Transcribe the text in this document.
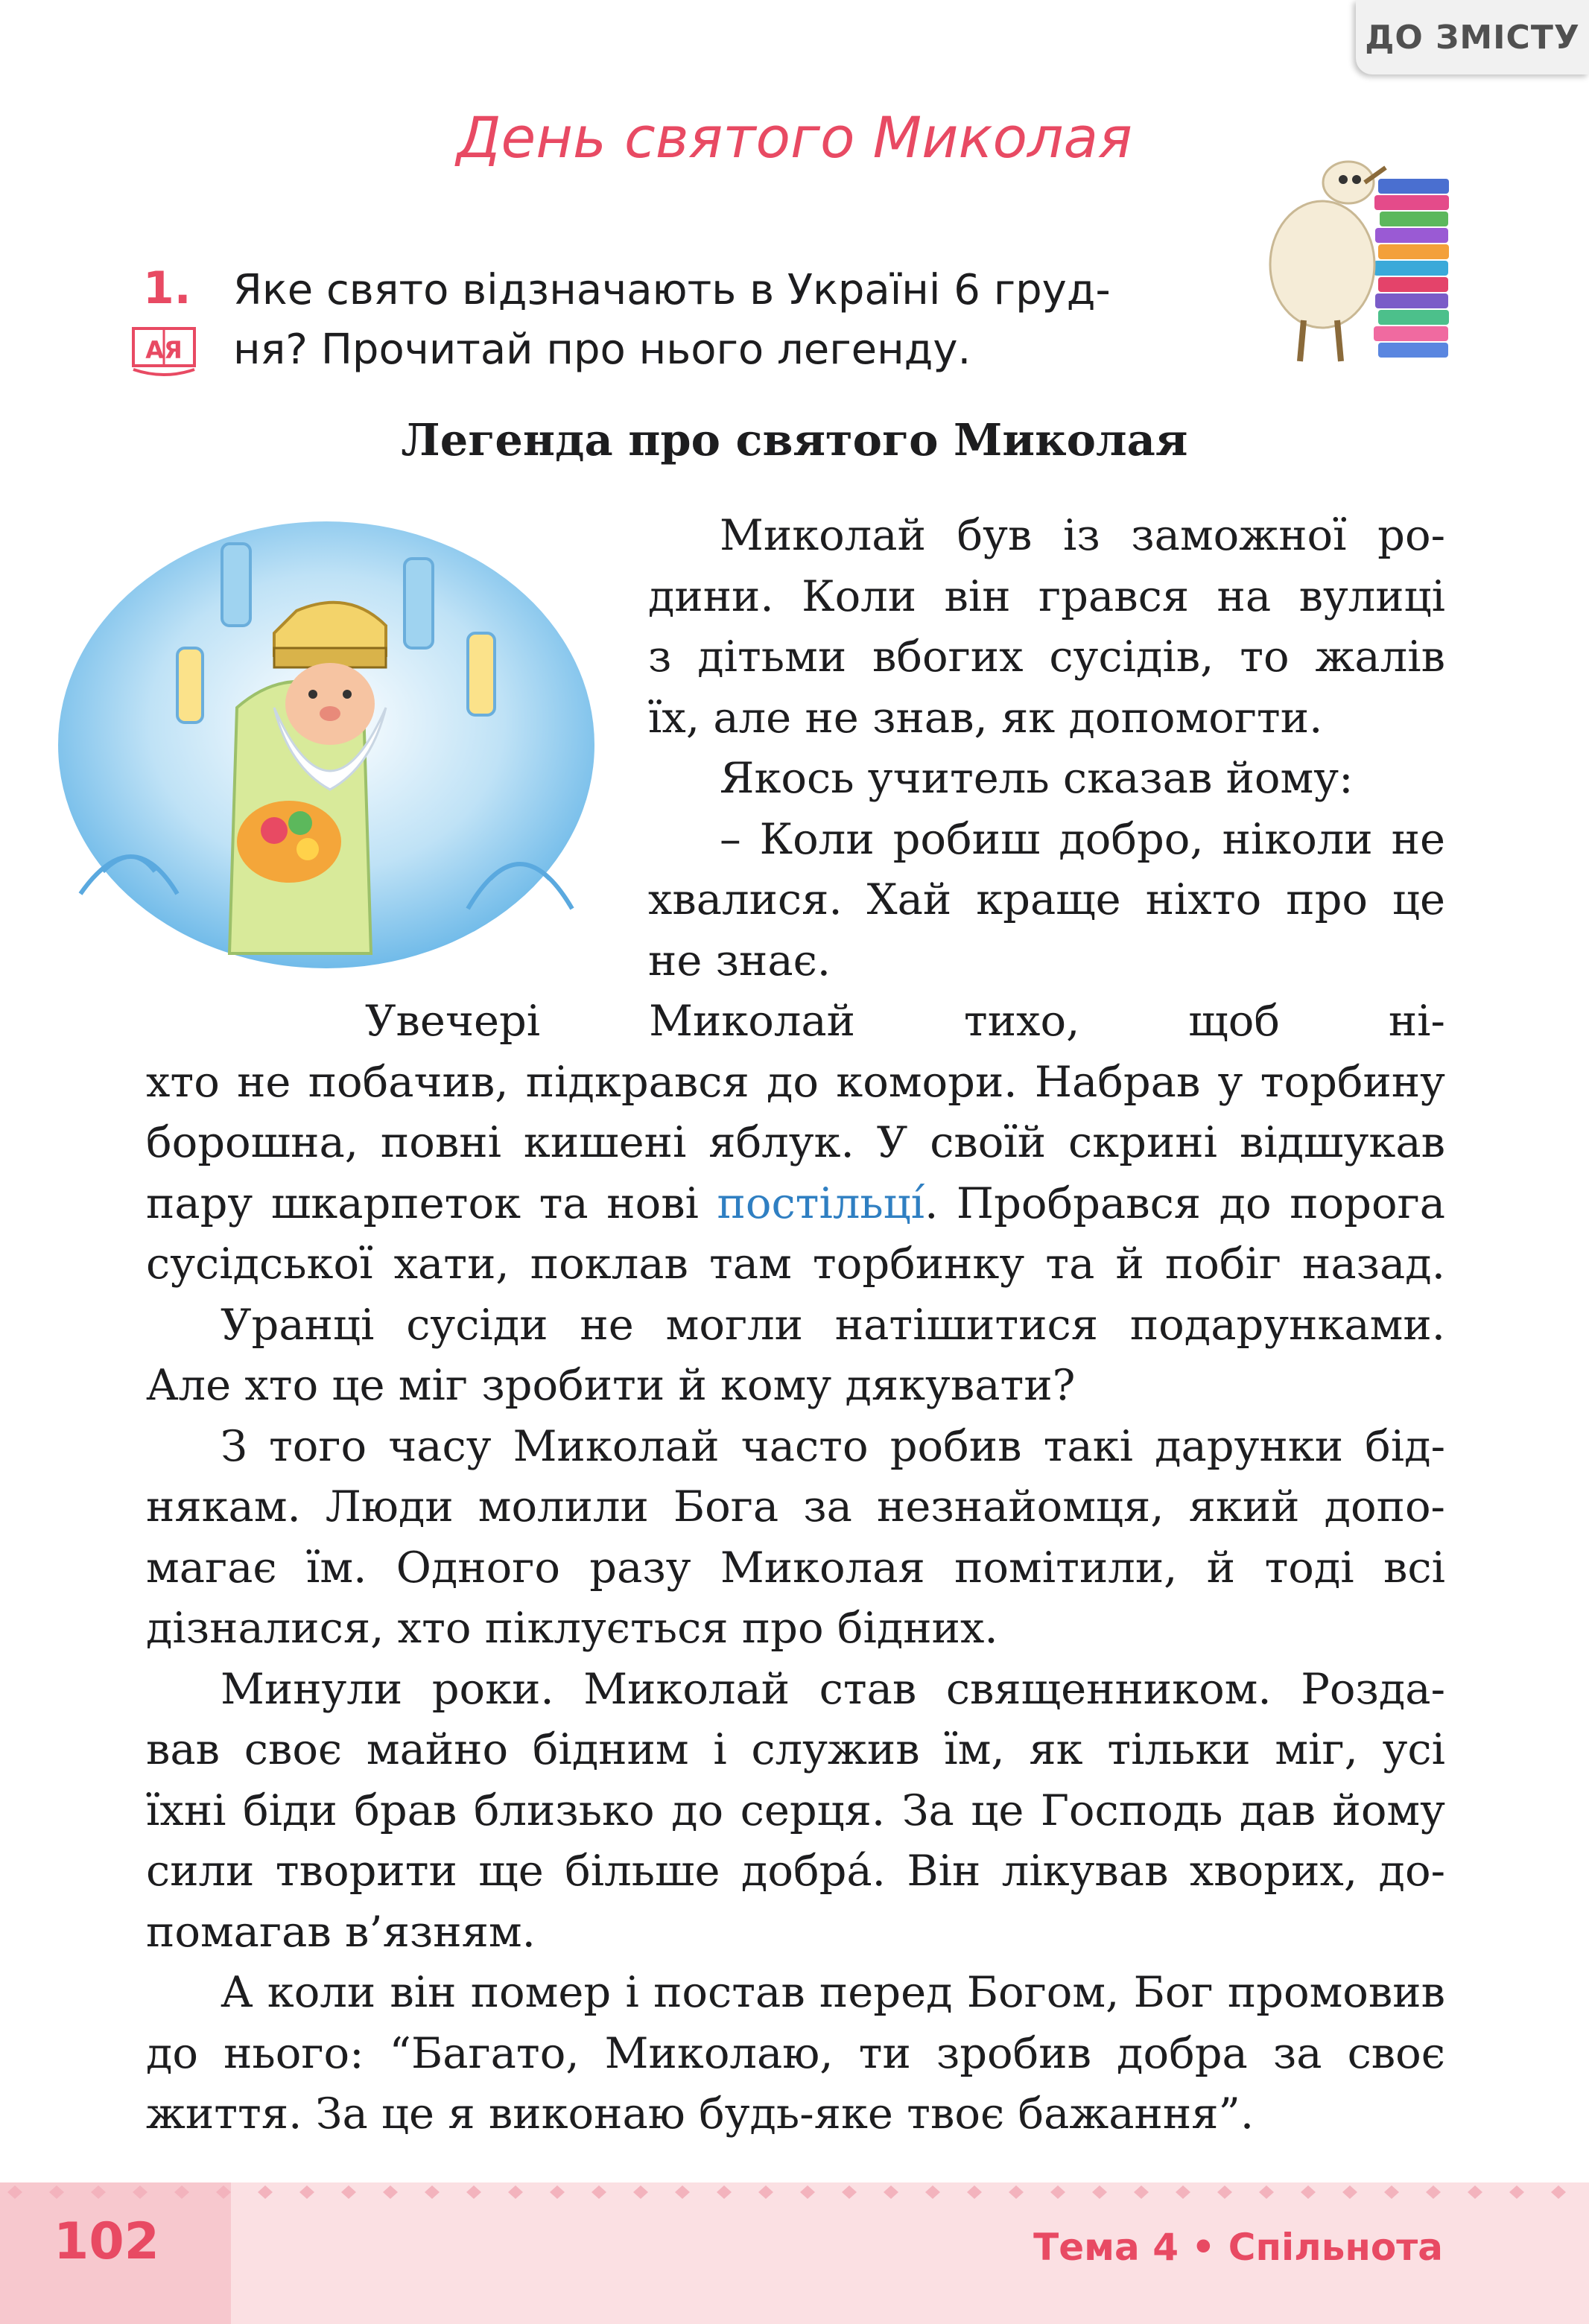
ДО ЗМІСТУ
День святого Миколая
1.
АЯ
Яке свято відзначають в Україні 6 груд-
ня? Прочитай про нього легенду.
Легенда про святого Миколая
Миколай був із заможної ро-
дини. Коли він грався на вулиці
з дітьми вбогих сусідів, то жалів
їх, але не знав, як допомогти.
Якось учитель сказав йому:
– Коли робиш добро, ніколи не
хвалися. Хай краще ніхто про це
не знає.
Увечері Миколай тихо, щоб ні-
хто не побачив, підкрався до комори. Набрав у торбину
борошна, повні кишені яблук. У своїй скрині відшукав
пару шкарпеток та нові постільці́. Пробрався до порога
сусідської хати, поклав там торбинку та й побіг назад.
Уранці сусіди не могли натішитися подарунками.
Але хто це міг зробити й кому дякувати?
З того часу Миколай часто робив такі дарунки бід-
някам. Люди молили Бога за незнайомця, який допо-
магає їм. Одного разу Миколая помітили, й тоді всі
дізналися, хто піклується про бідних.
Минули роки. Миколай став священником. Розда-
вав своє майно бідним і служив їм, як тільки міг, усі
їхні біди брав близько до серця. За це Господь дав йому
сили творити ще більше добрá. Він лікував хворих, до-
помагав в’язням.
А коли він помер і постав перед Богом, Бог промовив
до нього: “Багато, Миколаю, ти зробив добра за своє
життя. За це я виконаю будь-яке твоє бажання”.
102	Тема 4 • Спільнота
